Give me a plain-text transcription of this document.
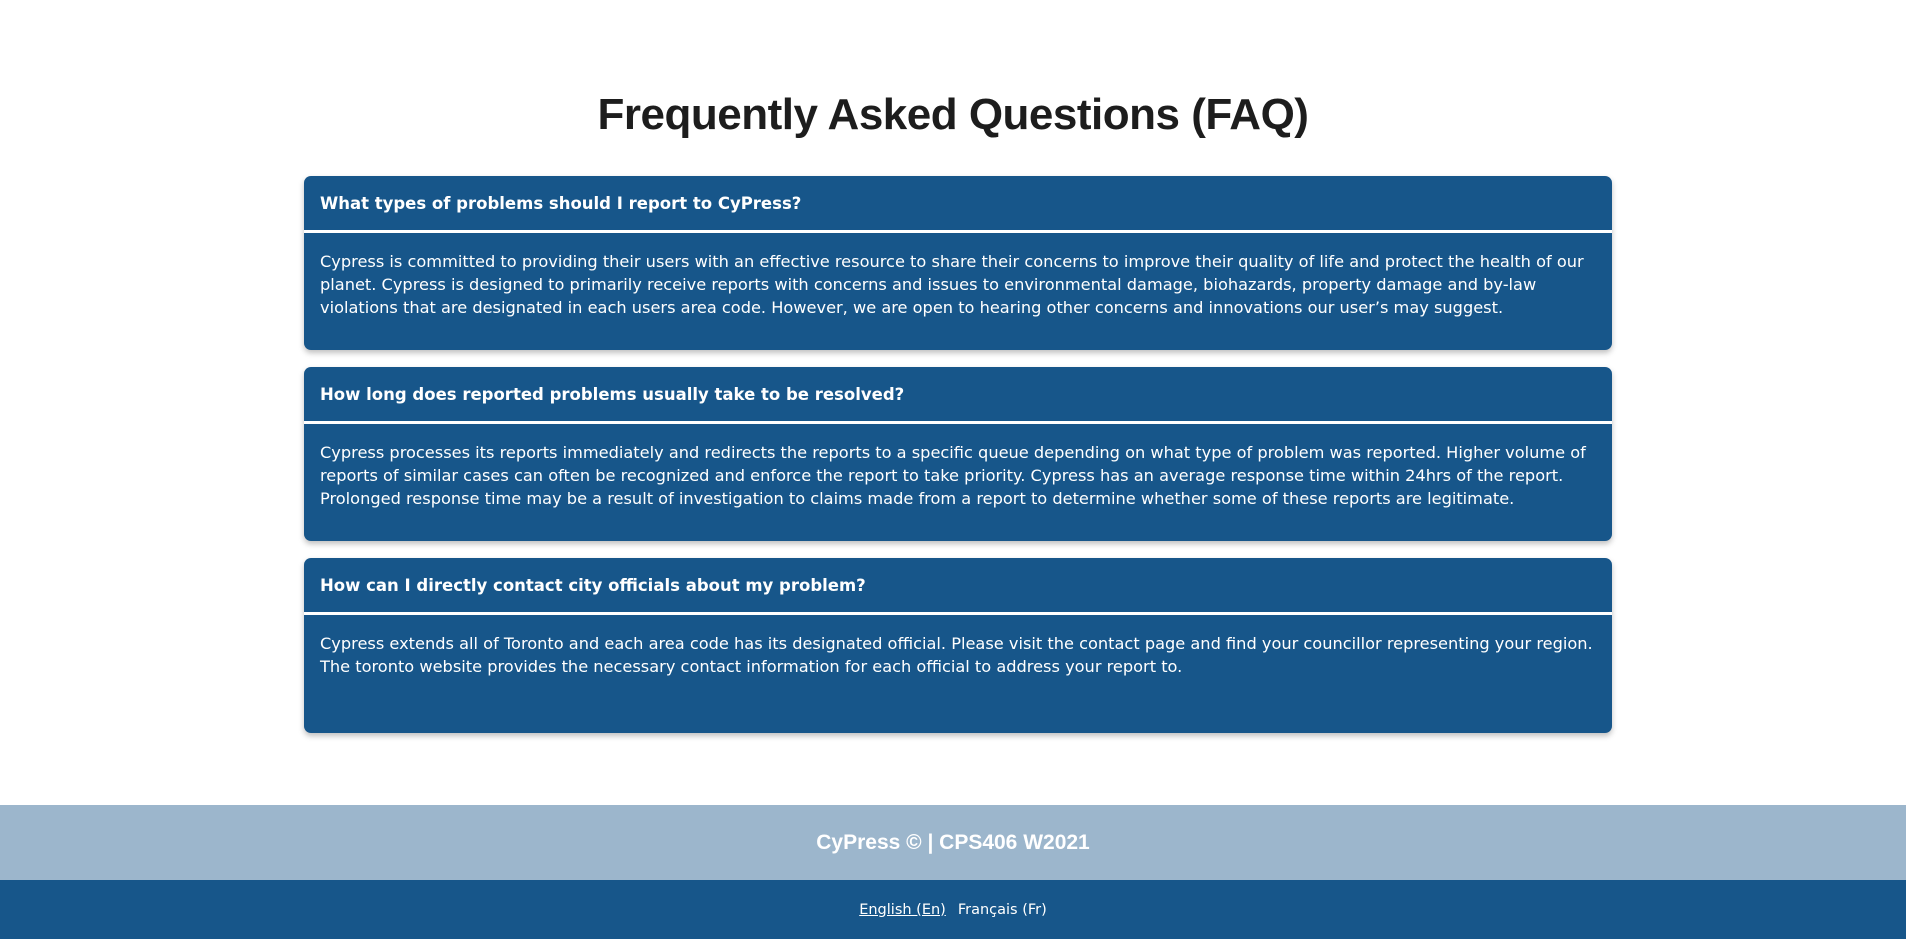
Frequently Asked Questions (FAQ)
What types of problems should I report to CyPress?
Cypress is committed to providing their users with an effective resource to share their concerns to improve their quality of life and protect the health of our planet. Cypress is designed to primarily receive reports with concerns and issues to environmental damage, biohazards, property damage and by-law violations that are designated in each users area code. However, we are open to hearing other concerns and innovations our user’s may suggest.
How long does reported problems usually take to be resolved?
Cypress processes its reports immediately and redirects the reports to a specific queue depending on what type of problem was reported. Higher volume of reports of similar cases can often be recognized and enforce the report to take priority. Cypress has an average response time within 24hrs of the report. Prolonged response time may be a result of investigation to claims made from a report to determine whether some of these reports are legitimate.
How can I directly contact city officials about my problem?
Cypress extends all of Toronto and each area code has its designated official. Please visit the contact page and find your councillor representing your region. The toronto website provides the necessary contact information for each official to address your report to.
CyPress © | CPS406 W2021
English (En) Français (Fr)
